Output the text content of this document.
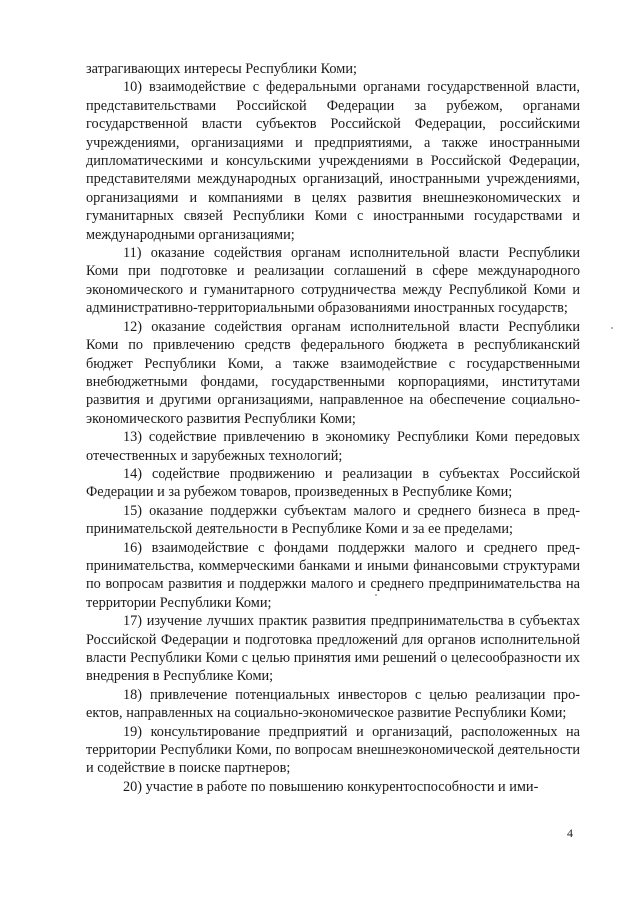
затрагивающих интересы Республики Коми;

10) взаимодействие с федеральными органами государственной власти, представительствами Российской Федерации за рубежом, органами государственной власти субъектов Российской Федерации, российскими учреждениями, организациями и предприятиями, а также иностранными дипломатическими и консульскими учреждениями в Российской Федерации, представителями международных организаций, иностранными учреждениями, организациями и компаниями в целях развития внешнеэкономических и гуманитарных связей Республики Коми с иностранными государствами и международными организациями;

11) оказание содействия органам исполнительной власти Республики Коми при подготовке и реализации соглашений в сфере международного экономического и гуманитарного сотрудничества между Республикой Коми и административно-территориальными образованиями иностранных государств;

12) оказание содействия органам исполнительной власти Республики Коми по привлечению средств федерального бюджета в республиканский бюджет Республики Коми, а также взаимодействие с государственными внебюджетными фондами, государственными корпорациями, институтами развития и другими организациями, направленное на обеспечение социально-экономического развития Республики Коми;

13) содействие привлечению в экономику Республики Коми передовых отечественных и зарубежных технологий;

14) содействие продвижению и реализации в субъектах Российской Федерации и за рубежом товаров, произведенных в Республике Коми;

15) оказание поддержки субъектам малого и среднего бизнеса в предпринимательской деятельности в Республике Коми и за ее пределами;

16) взаимодействие с фондами поддержки малого и среднего предпринимательства, коммерческими банками и иными финансовыми структурами по вопросам развития и поддержки малого и среднего предпринимательства на территории Республики Коми;

17) изучение лучших практик развития предпринимательства в субъектах Российской Федерации и подготовка предложений для органов исполнительной власти Республики Коми с целью принятия ими решений о целесообразности их внедрения в Республике Коми;

18) привлечение потенциальных инвесторов с целью реализации проектов, направленных на социально-экономическое развитие Республики Коми;

19) консультирование предприятий и организаций, расположенных на территории Республики Коми, по вопросам внешнеэкономической деятельности и содействие в поиске партнеров;

20) участие в работе по повышению конкурентоспособности и ими-

4
